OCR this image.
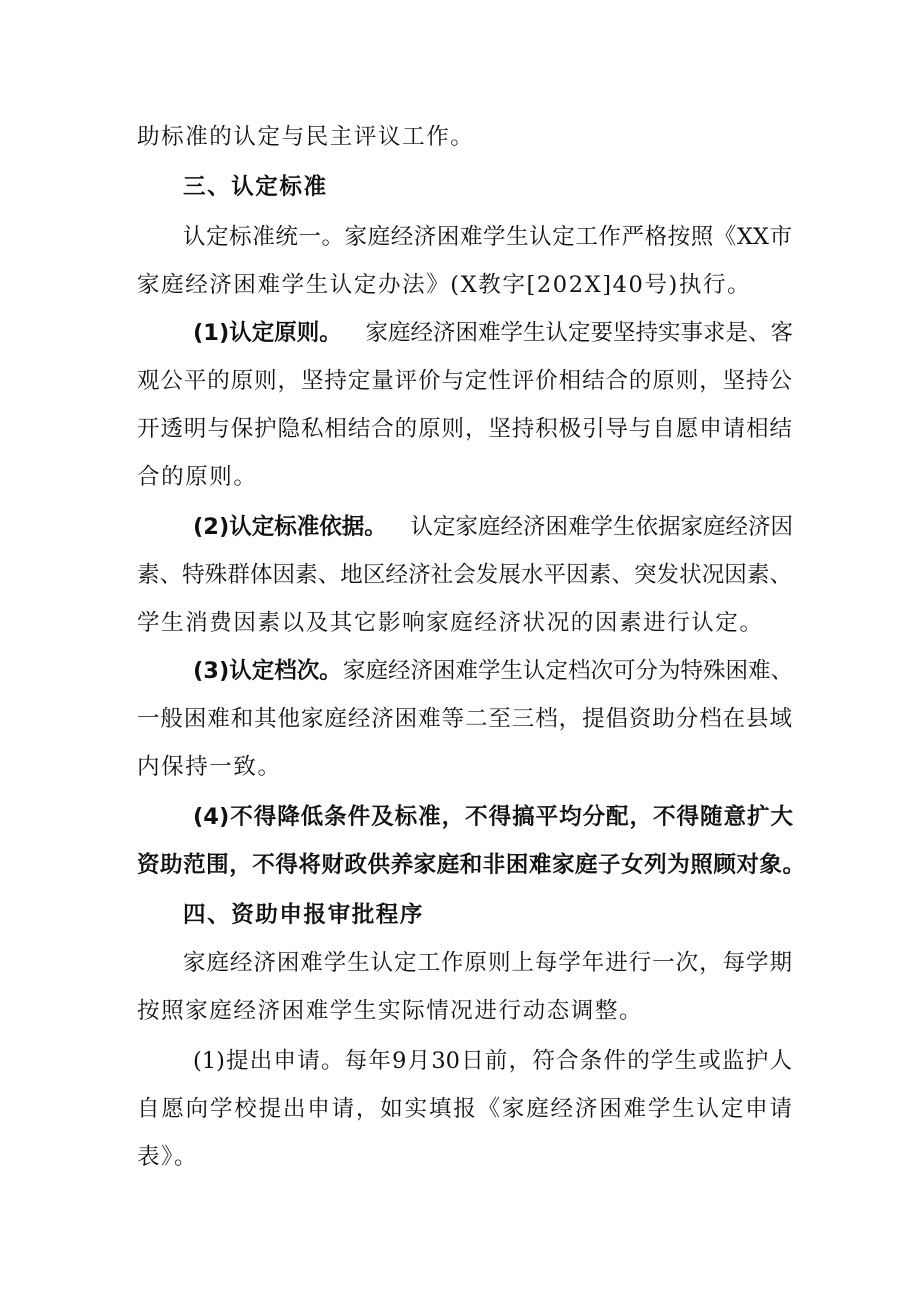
助标准的认定与民主评议工作。
三、认定标准
认定标准统一。家庭经济困难学生认定工作严格按照《XX市
家庭经济困难学生认定办法》(X教字[202X]40号)执行。
(1)认定原则。 家庭经济困难学生认定要坚持实事求是、客
观公平的原则，坚持定量评价与定性评价相结合的原则，坚持公
开透明与保护隐私相结合的原则，坚持积极引导与自愿申请相结
合的原则。
(2)认定标准依据。 认定家庭经济困难学生依据家庭经济因
素、特殊群体因素、地区经济社会发展水平因素、突发状况因素、
学生消费因素以及其它影响家庭经济状况的因素进行认定。
(3)认定档次。 家庭经济困难学生认定档次可分为特殊困难、
一般困难和其他家庭经济困难等二至三档，提倡资助分档在县域
内保持一致。
(4)不得降低条件及标准，不得搞平均分配，不得随意扩大
资助范围，不得将财政供养家庭和非困难家庭子女列为照顾对象。
四、资助申报审批程序
家庭经济困难学生认定工作原则上每学年进行一次，每学期
按照家庭经济困难学生实际情况进行动态调整。
(1)提出申请。每年9月30日前，符合条件的学生或监护人
自愿向学校提出申请，如实填报《家庭经济困难学生认定申请
表》。
